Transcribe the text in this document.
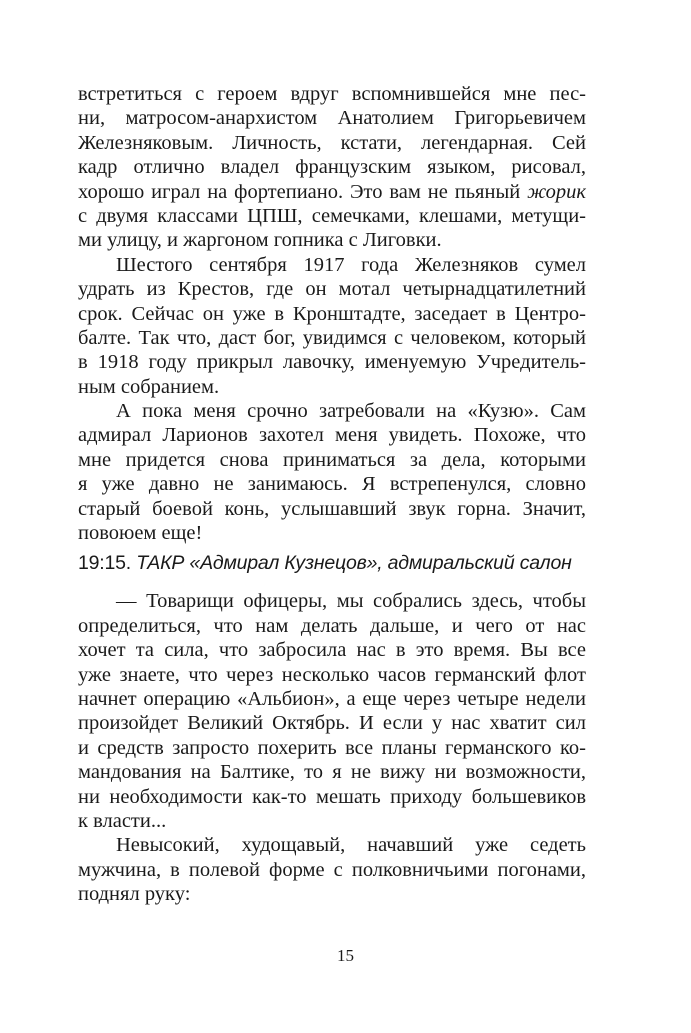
встретиться с героем вдруг вспомнившейся мне пес-
ни, матросом-анархистом Анатолием Григорьевичем
Железняковым. Личность, кстати, легендарная. Сей
кадр отлично владел французским языком, рисовал,
хорошо играл на фортепиано. Это вам не пьяный жорик
с двумя классами ЦПШ, семечками, клешами, метущи-
ми улицу, и жаргоном гопника с Лиговки.
Шестого сентября 1917 года Железняков сумел
удрать из Крестов, где он мотал четырнадцатилетний
срок. Сейчас он уже в Кронштадте, заседает в Центро-
балте. Так что, даст бог, увидимся с человеком, который
в 1918 году прикрыл лавочку, именуемую Учредитель-
ным собранием.
А пока меня срочно затребовали на «Кузю». Сам
адмирал Ларионов захотел меня увидеть. Похоже, что
мне придется снова приниматься за дела, которыми
я уже давно не занимаюсь. Я встрепенулся, словно
старый боевой конь, услышавший звук горна. Значит,
повоюем еще!
19:15. ТАКР «Адмирал Кузнецов», адмиральский салон
— Товарищи офицеры, мы собрались здесь, чтобы
определиться, что нам делать дальше, и чего от нас
хочет та сила, что забросила нас в это время. Вы все
уже знаете, что через несколько часов германский флот
начнет операцию «Альбион», а еще через четыре недели
произойдет Великий Октябрь. И если у нас хватит сил
и средств запросто похерить все планы германского ко-
мандования на Балтике, то я не вижу ни возможности,
ни необходимости как-то мешать приходу большевиков
к власти...
Невысокий, худощавый, начавший уже седеть
мужчина, в полевой форме с полковничьими погонами,
поднял руку:
15
